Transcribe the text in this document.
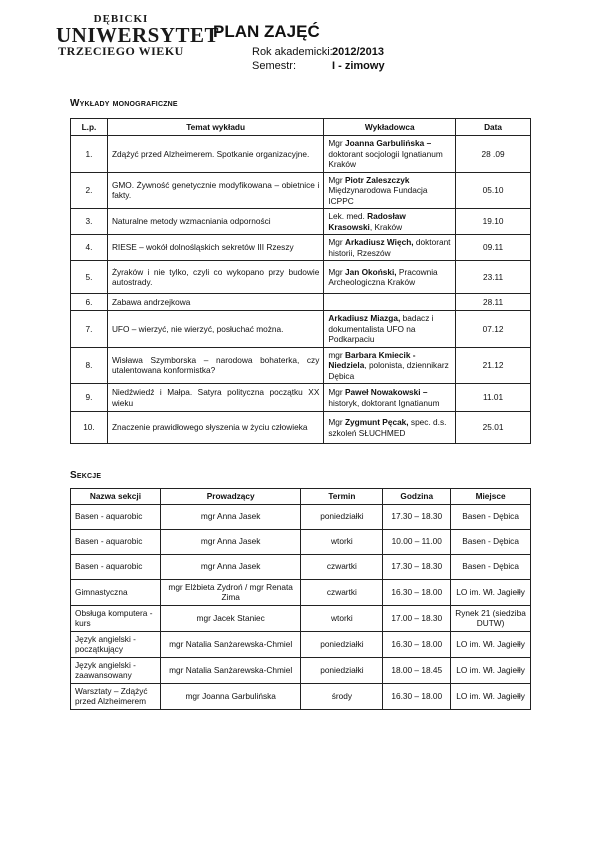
DĘBICKI
UNIWERSYTET
TRZECIEGO WIEKU
PLAN ZAJĘĆ
Rok akademicki: 2012/2013
Semestr:	I - zimowy
Wykłady monograficzne
L.p.	Temat wykładu	Wykładowca	Data
1.	Zdążyć przed Alzheimerem. Spotkanie organizacyjne.	Mgr Joanna Garbulińska – doktorant socjologii Ignatianum Kraków	28 .09
2.	GMO. Żywność genetycznie modyfikowana – obietnice i fakty.	Mgr Piotr Zaleszczyk Międzynarodowa Fundacja ICPPC	05.10
3.	Naturalne metody wzmacniania odporności	Lek. med. Radosław Krasowski, Kraków	19.10
4.	RIESE – wokół dolnośląskich sekretów III Rzeszy	Mgr Arkadiusz Więch, doktorant historii, Rzeszów	09.11
5.	Żyraków i nie tylko, czyli co wykopano przy budowie autostrady.	Mgr Jan Okoński, Pracownia Archeologiczna Kraków	23.11
6.	Zabawa andrzejkowa		28.11
7.	UFO – wierzyć, nie wierzyć, posłuchać można.	Arkadiusz Miazga, badacz i dokumentalista UFO na Podkarpaciu	07.12
8.	Wisława Szymborska – narodowa bohaterka, czy utalentowana konformistka?	mgr Barbara Kmiecik -Niedziela, polonista, dziennikarz Dębica	21.12
9.	Niedźwiedź i Małpa. Satyra polityczna początku XX wieku	Mgr Paweł Nowakowski – historyk, doktorant Ignatianum	11.01
10.	Znaczenie prawidłowego słyszenia w życiu człowieka	Mgr Zygmunt Pęcak, spec. d.s. szkoleń SŁUCHMED	25.01
Sekcje
Nazwa sekcji	Prowadzący	Termin	Godzina	Miejsce
Basen - aquarobic	mgr Anna Jasek	poniedziałki	17.30 – 18.30	Basen - Dębica
Basen - aquarobic	mgr Anna Jasek	wtorki	10.00 – 11.00	Basen - Dębica
Basen - aquarobic	mgr Anna Jasek	czwartki	17.30 – 18.30	Basen - Dębica
Gimnastyczna	mgr Elżbieta Zydroń / mgr Renata Zima	czwartki	16.30 – 18.00	LO im. Wł. Jagiełły
Obsługa komputera - kurs	mgr Jacek Staniec	wtorki	17.00 – 18.30	Rynek 21 (siedziba DUTW)
Język angielski - początkujący	mgr Natalia Sanżarewska-Chmiel	poniedziałki	16.30 – 18.00	LO im. Wł. Jagiełły
Język angielski - zaawansowany	mgr Natalia Sanżarewska-Chmiel	poniedziałki	18.00 – 18.45	LO im. Wł. Jagiełły
Warsztaty – Zdążyć przed Alzheimerem	mgr Joanna Garbulińska	środy	16.30 – 18.00	LO im. Wł. Jagiełły
